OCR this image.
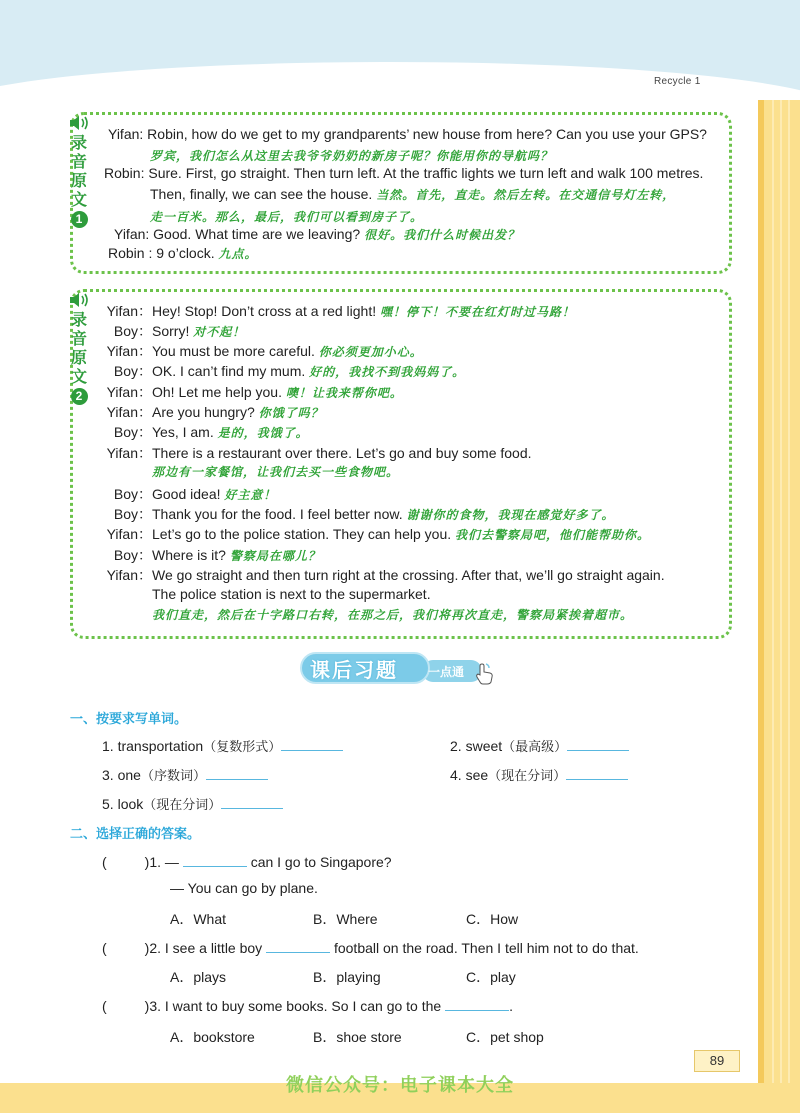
Recycle 1
录
音
原
文
1
Yifan: Robin, how do we get to my grandparents’ new house from here? Can you use your GPS?
罗宾，我们怎么从这里去我爷爷奶奶的新房子呢？你能用你的导航吗？
Robin: Sure. First, go straight. Then turn left. At the traffic lights we turn left and walk 100 metres.
Then, finally, we can see the house. 当然。首先，直走。然后左转。在交通信号灯左转，
走一百米。那么，最后，我们可以看到房子了。
Yifan: Good. What time are we leaving? 很好。我们什么时候出发？
Robin : 9 o’clock. 九点。
录
音
原
文
2
Yifan：Hey! Stop! Don’t cross at a red light! 嘿！停下！不要在红灯时过马路！
Boy：Sorry! 对不起！
Yifan：You must be more careful. 你必须更加小心。
Boy：OK. I can’t find my mum. 好的，我找不到我妈妈了。
Yifan：Oh! Let me help you. 噢！让我来帮你吧。
Yifan：Are you hungry? 你饿了吗？
Boy：Yes, I am. 是的，我饿了。
Yifan：There is a restaurant over there. Let’s go and buy some food.
那边有一家餐馆，让我们去买一些食物吧。
Boy：Good idea! 好主意！
Boy：Thank you for the food. I feel better now. 谢谢你的食物，我现在感觉好多了。
Yifan：Let’s go to the police station. They can help you. 我们去警察局吧，他们能帮助你。
Boy：Where is it? 警察局在哪儿？
Yifan：We go straight and then turn right at the crossing. After that, we’ll go straight again.
The police station is next to the supermarket.
我们直走，然后在十字路口右转，在那之后，我们将再次直走，警察局紧挨着超市。
课后习题	一点通
一、按要求写单词。
1. transportation（复数形式）	2. sweet（最高级）
3. one（序数词）	4. see（现在分词）
5. look（现在分词）
二、选择正确的答案。
(	)1. —	can I go to Singapore?
— You can go by plane.
A．What	B．Where	C．How
(	)2. I see a little boy	football on the road. Then I tell him not to do that.
A．plays	B．playing	C．play
(	)3. I want to buy some books. So I can go to the	.
A．bookstore	B．shoe store	C．pet shop
89
微信公众号：电子课本大全
